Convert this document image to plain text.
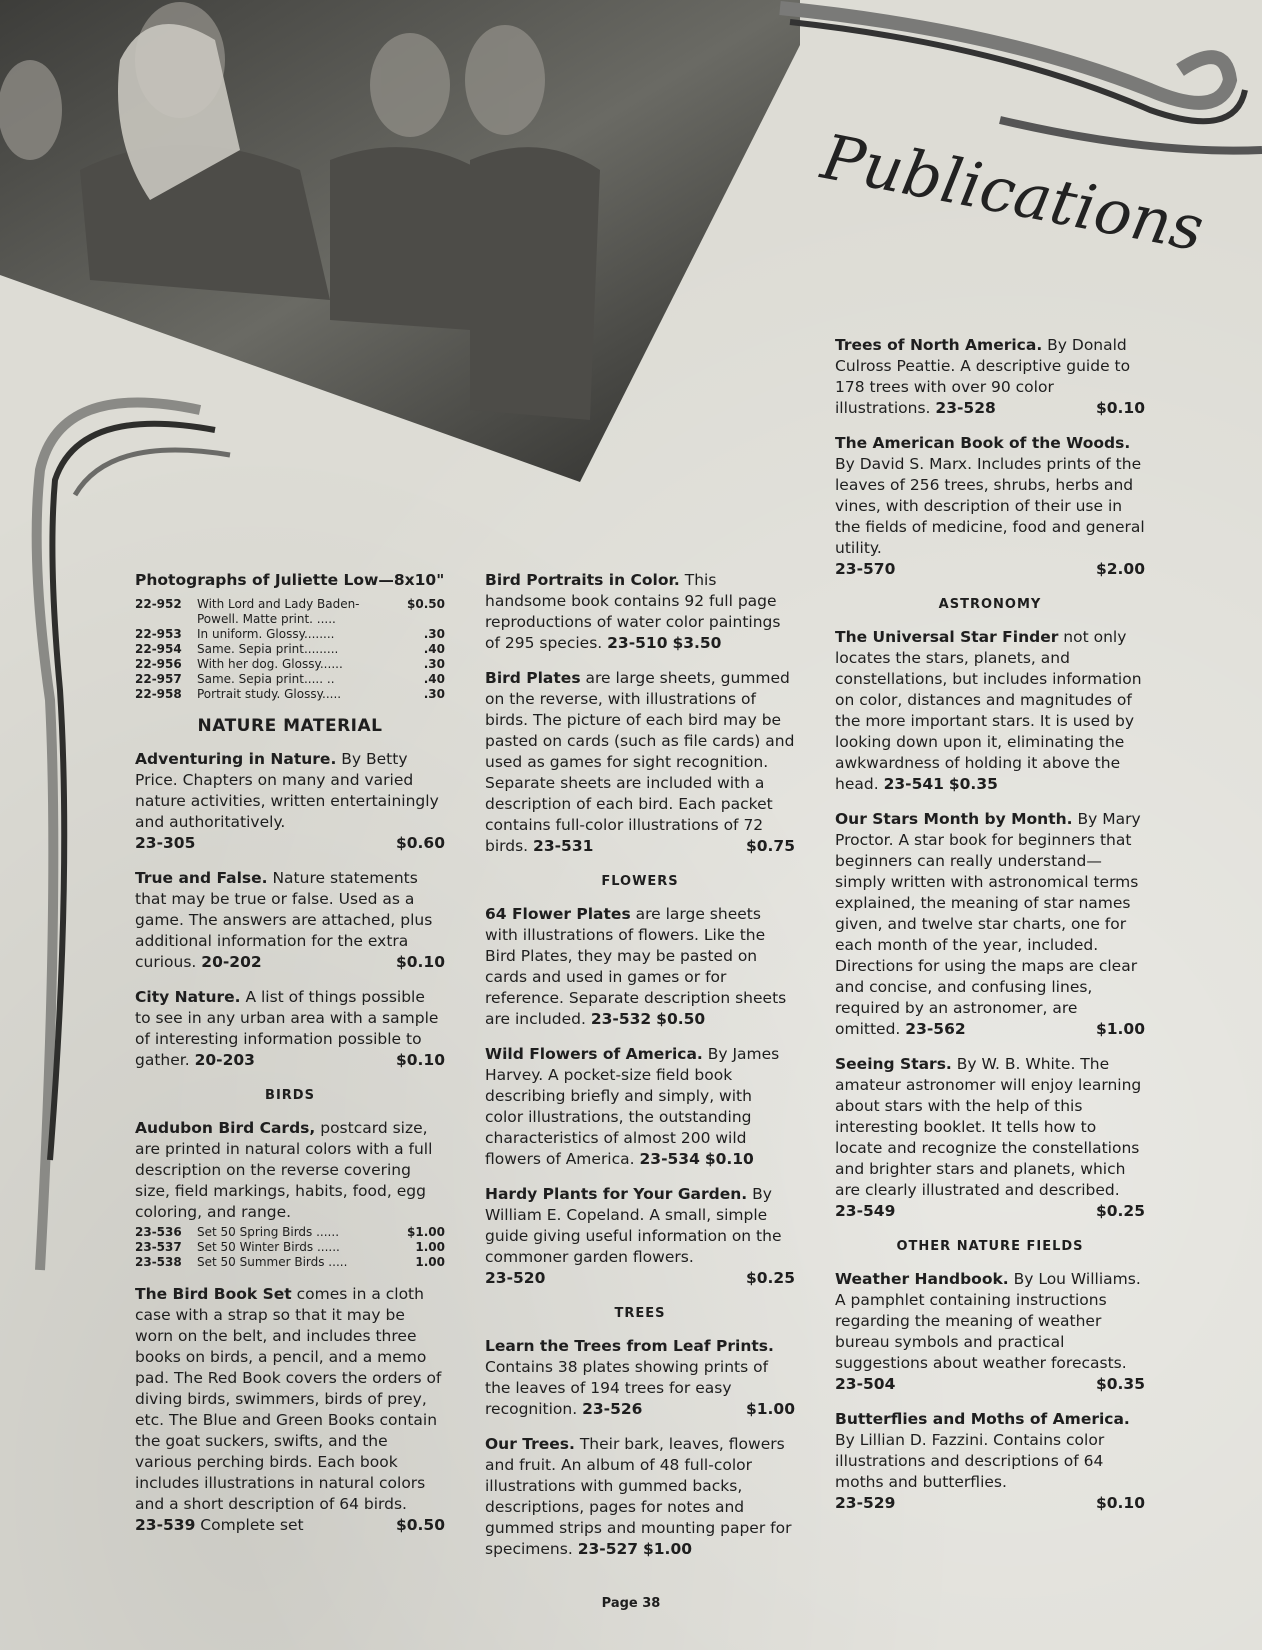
Publications
Photographs of Juliette Low—8x10"
22-952	With Lord and Lady Baden-Powell. Matte print. .....	$0.50
22-953	In uniform. Glossy........	.30
22-954	Same. Sepia print.........	.40
22-956	With her dog. Glossy......	.30
22-957	Same. Sepia print..... ..	.40
22-958	Portrait study. Glossy.....	.30
NATURE MATERIAL

Adventuring in Nature. By Betty Price. Chapters on many and varied nature activities, written entertainingly and authoritatively.
23-305	$0.60

True and False. Nature statements that may be true or false. Used as a game. The answers are attached, plus additional information for the extra curious. 20-202	$0.10

City Nature. A list of things possible to see in any urban area with a sample of interesting information possible to gather. 20-203	$0.10

BIRDS

Audubon Bird Cards, postcard size, are printed in natural colors with a full description on the reverse covering size, field markings, habits, food, egg coloring, and range.

23-536	Set 50 Spring Birds ......	$1.00
23-537	Set 50 Winter Birds ......	1.00
23-538	Set 50 Summer Birds .....	1.00

The Bird Book Set comes in a cloth case with a strap so that it may be worn on the belt, and includes three books on birds, a pencil, and a memo pad. The Red Book covers the orders of diving birds, swimmers, birds of prey, etc. The Blue and Green Books contain the goat suckers, swifts, and the various perching birds. Each book includes illustrations in natural colors and a short description of 64 birds.
23-539 Complete set	$0.50

Bird Portraits in Color. This handsome book contains 92 full page reproductions of water color paintings of 295 species. 23-510 $3.50

Bird Plates are large sheets, gummed on the reverse, with illustrations of birds. The picture of each bird may be pasted on cards (such as file cards) and used as games for sight recognition. Separate sheets are included with a description of each bird. Each packet contains full-color illustrations of 72 birds. 23-531	$0.75

FLOWERS

64 Flower Plates are large sheets with illustrations of flowers. Like the Bird Plates, they may be pasted on cards and used in games or for reference. Separate description sheets are included. 23-532 $0.50

Wild Flowers of America. By James Harvey. A pocket-size field book describing briefly and simply, with color illustrations, the outstanding characteristics of almost 200 wild flowers of America. 23-534 $0.10

Hardy Plants for Your Garden. By William E. Copeland. A small, simple guide giving useful information on the commoner garden flowers.
23-520	$0.25

TREES

Learn the Trees from Leaf Prints. Contains 38 plates showing prints of the leaves of 194 trees for easy recognition. 23-526	$1.00

Our Trees. Their bark, leaves, flowers and fruit. An album of 48 full-color illustrations with gummed backs, descriptions, pages for notes and gummed strips and mounting paper for specimens. 23-527 $1.00

Trees of North America. By Donald Culross Peattie. A descriptive guide to 178 trees with over 90 color illustrations. 23-528	$0.10

The American Book of the Woods. By David S. Marx. Includes prints of the leaves of 256 trees, shrubs, herbs and vines, with description of their use in the fields of medicine, food and general utility.
23-570	$2.00

ASTRONOMY

The Universal Star Finder not only locates the stars, planets, and constellations, but includes information on color, distances and magnitudes of the more important stars. It is used by looking down upon it, eliminating the awkwardness of holding it above the head. 23-541 $0.35

Our Stars Month by Month. By Mary Proctor. A star book for beginners that beginners can really understand—simply written with astronomical terms explained, the meaning of star names given, and twelve star charts, one for each month of the year, included. Directions for using the maps are clear and concise, and confusing lines, required by an astronomer, are omitted. 23-562	$1.00

Seeing Stars. By W. B. White. The amateur astronomer will enjoy learning about stars with the help of this interesting booklet. It tells how to locate and recognize the constellations and brighter stars and planets, which are clearly illustrated and described. 23-549	$0.25

OTHER NATURE FIELDS

Weather Handbook. By Lou Williams. A pamphlet containing instructions regarding the meaning of weather bureau symbols and practical suggestions about weather forecasts. 23-504	$0.35

Butterflies and Moths of America. By Lillian D. Fazzini. Contains color illustrations and descriptions of 64 moths and butterflies.
23-529	$0.10

Page 38
